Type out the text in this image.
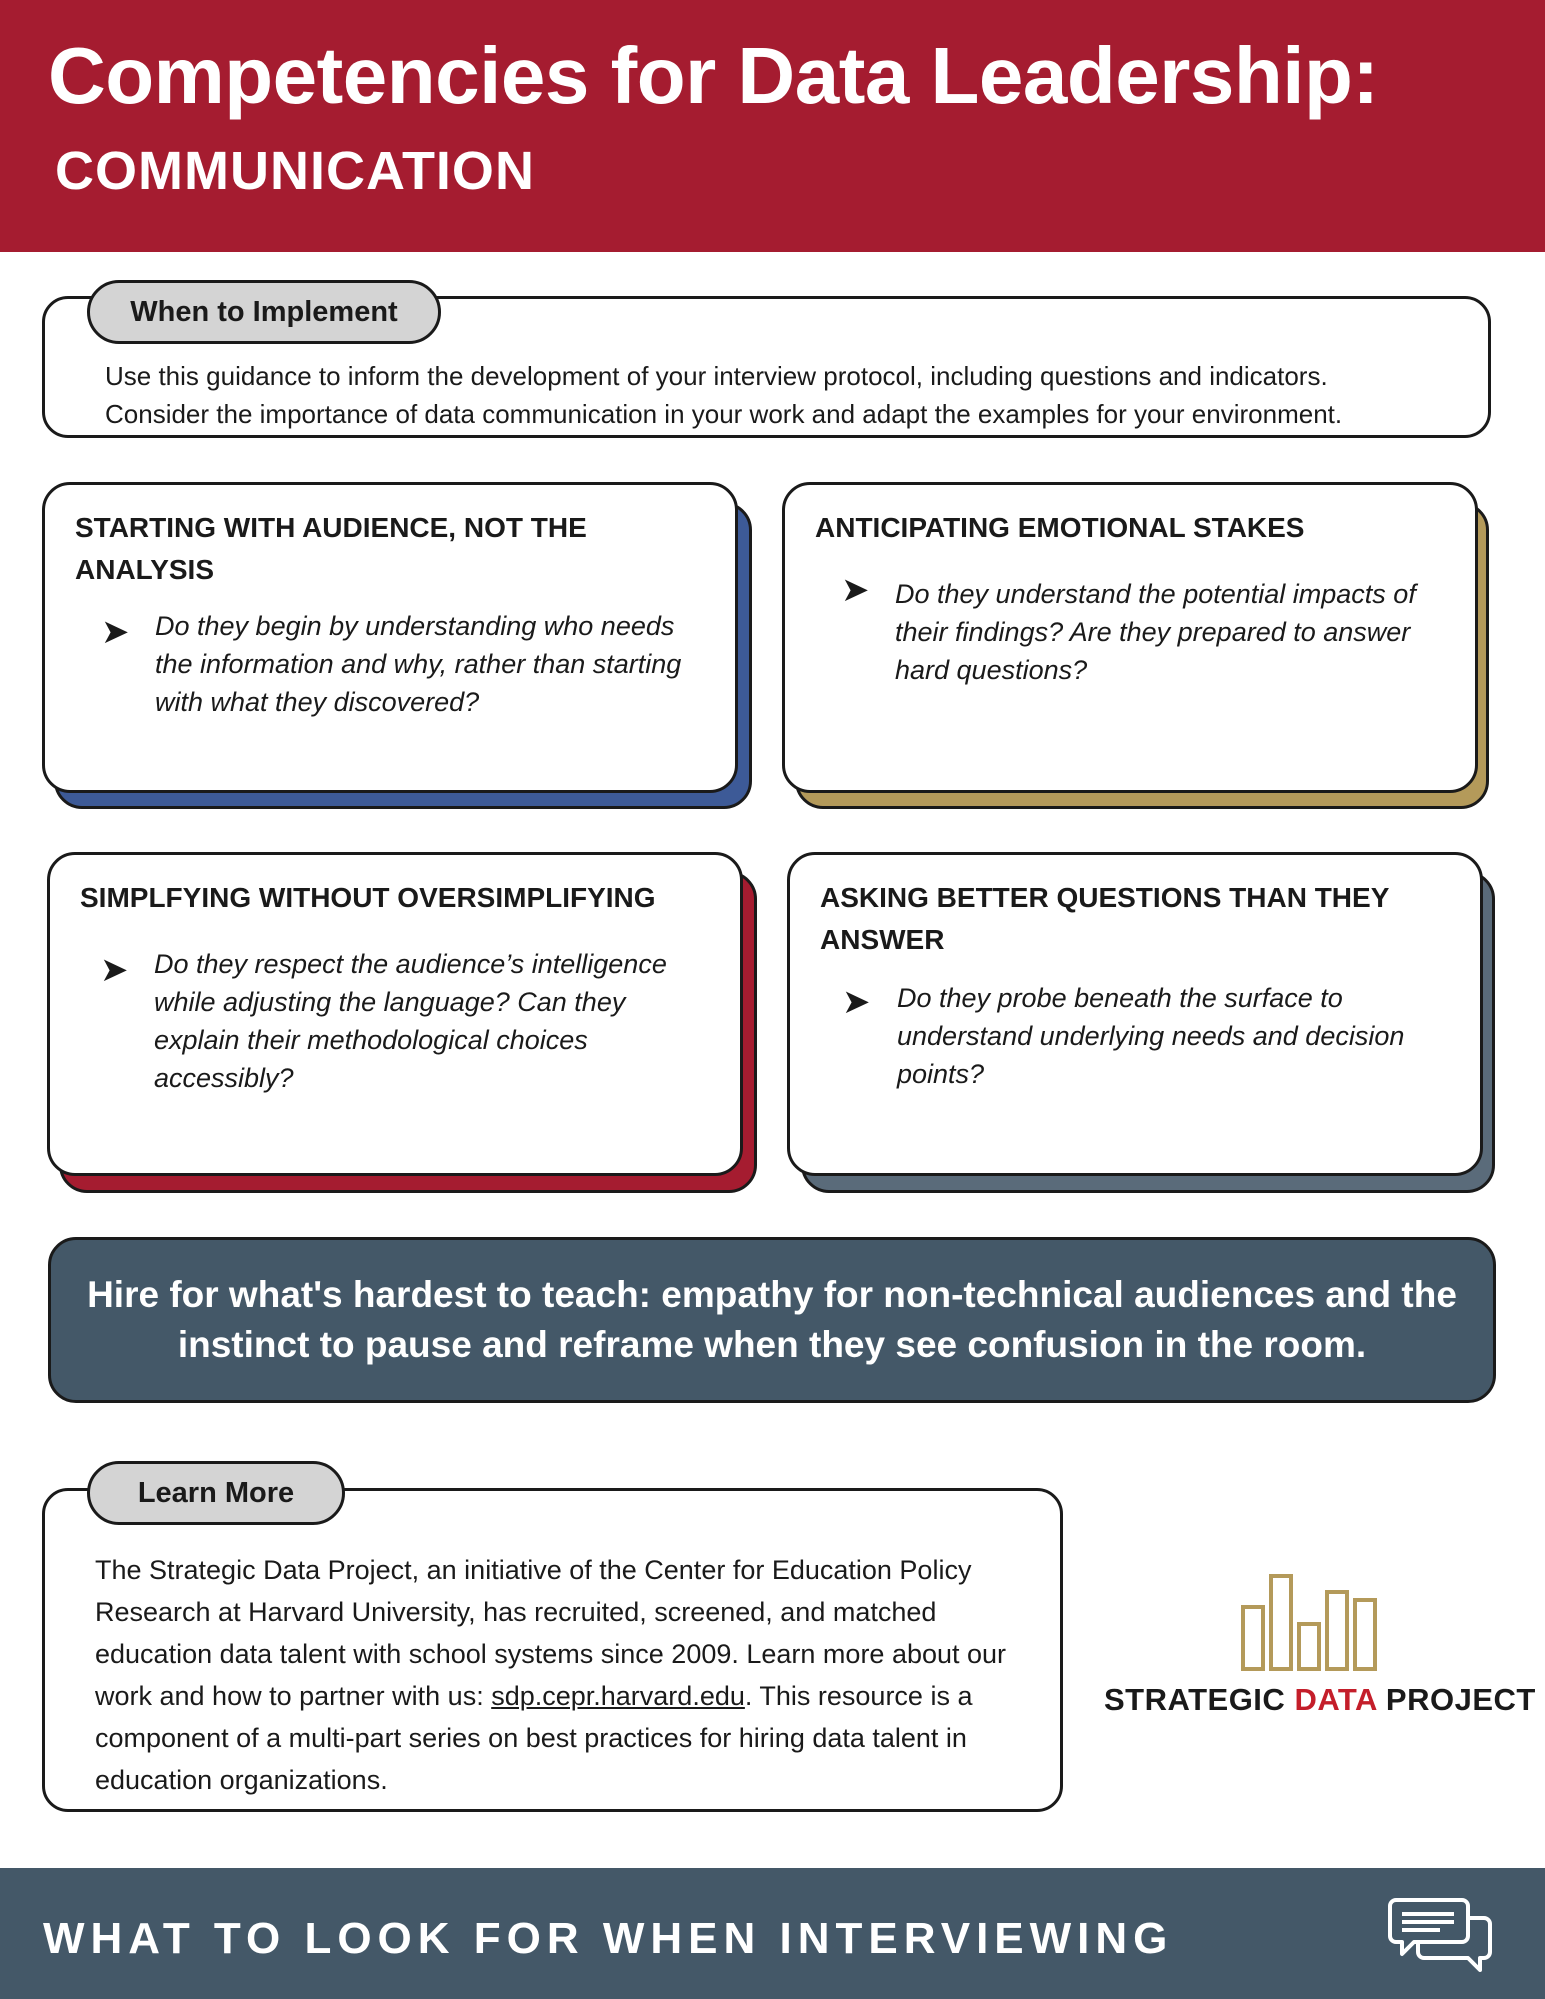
Competencies for Data Leadership:
COMMUNICATION
Use this guidance to inform the development of your interview protocol, including questions and indicators.
Consider the importance of data communication in your work and adapt the examples for your environment.
When to Implement
STARTING WITH AUDIENCE, NOT THE ANALYSIS
➤ Do they begin by understanding who needs the information and why, rather than starting with what they discovered?
ANTICIPATING EMOTIONAL STAKES
➤ Do they understand the potential impacts of their findings? Are they prepared to answer hard questions?
SIMPLFYING WITHOUT OVERSIMPLIFYING
➤ Do they respect the audience’s intelligence while adjusting the language? Can they explain their methodological choices accessibly?
ASKING BETTER QUESTIONS THAN THEY ANSWER
➤ Do they probe beneath the surface to understand underlying needs and decision points?
Hire for what's hardest to teach: empathy for non-technical audiences and the instinct to pause and reframe when they see confusion in the room.
The Strategic Data Project, an initiative of the Center for Education Policy Research at Harvard University, has recruited, screened, and matched education data talent with school systems since 2009. Learn more about our work and how to partner with us: sdp.cepr.harvard.edu. This resource is a component of a multi-part series on best practices for hiring data talent in education organizations.
Learn More
STRATEGIC DATA PROJECT
WHAT TO LOOK FOR WHEN INTERVIEWING
